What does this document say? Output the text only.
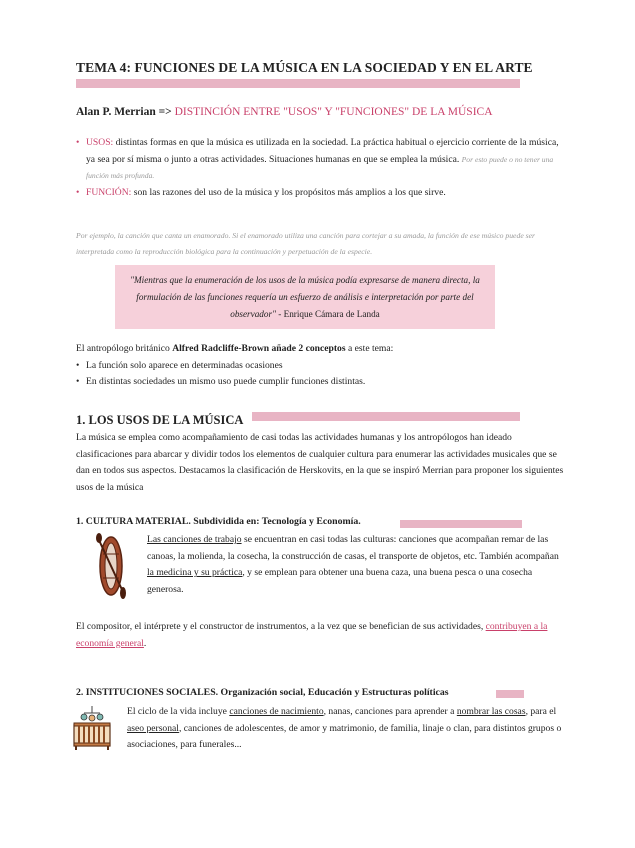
TEMA 4: FUNCIONES DE LA MÚSICA EN LA SOCIEDAD Y EN EL ARTE
Alan P. Merrian => DISTINCIÓN ENTRE "USOS" Y "FUNCIONES" DE LA MÚSICA
• USOS: distintas formas en que la música es utilizada en la sociedad. La práctica habitual o ejercicio corriente de la música, ya sea por sí misma o junto a otras actividades. Situaciones humanas en que se emplea la música. Por esto puede o no tener una función más profunda.
• FUNCIÓN: son las razones del uso de la música y los propósitos más amplios a los que sirve.
Por ejemplo, la canción que canta un enamorado. Si el enamorado utiliza una canción para cortejar a su amada, la función de ese músico puede ser interpretada como la reproducción biológica para la continuación y perpetuación de la especie.
"Mientras que la enumeración de los usos de la música podía expresarse de manera directa, la formulación de las funciones requería un esfuerzo de análisis e interpretación por parte del observador" - Enrique Cámara de Landa
El antropólogo británico Alfred Radcliffe-Brown añade 2 conceptos a este tema:
• La función solo aparece en determinadas ocasiones
• En distintas sociedades un mismo uso puede cumplir funciones distintas.
1. LOS USOS DE LA MÚSICA
La música se emplea como acompañamiento de casi todas las actividades humanas y los antropólogos han ideado clasificaciones para abarcar y dividir todos los elementos de cualquier cultura para enumerar las actividades musicales que se dan en todos sus aspectos. Destacamos la clasificación de Herskovits, en la que se inspiró Merrian para proponer los siguientes usos de la música
1. CULTURA MATERIAL. Subdividida en: Tecnología y Economía.
Las canciones de trabajo se encuentran en casi todas las culturas: canciones que acompañan remar de las canoas, la molienda, la cosecha, la construcción de casas, el transporte de objetos, etc. También acompañan la medicina y su práctica, y se emplean para obtener una buena caza, una buena pesca o una cosecha generosa.
El compositor, el intérprete y el constructor de instrumentos, a la vez que se benefician de sus actividades, contribuyen a la economía general.
2. INSTITUCIONES SOCIALES. Organización social, Educación y Estructuras políticas
El ciclo de la vida incluye canciones de nacimiento, nanas, canciones para aprender a nombrar las cosas, para el aseo personal, canciones de adolescentes, de amor y matrimonio, de familia, linaje o clan, para distintos grupos o asociaciones, para funerales...
